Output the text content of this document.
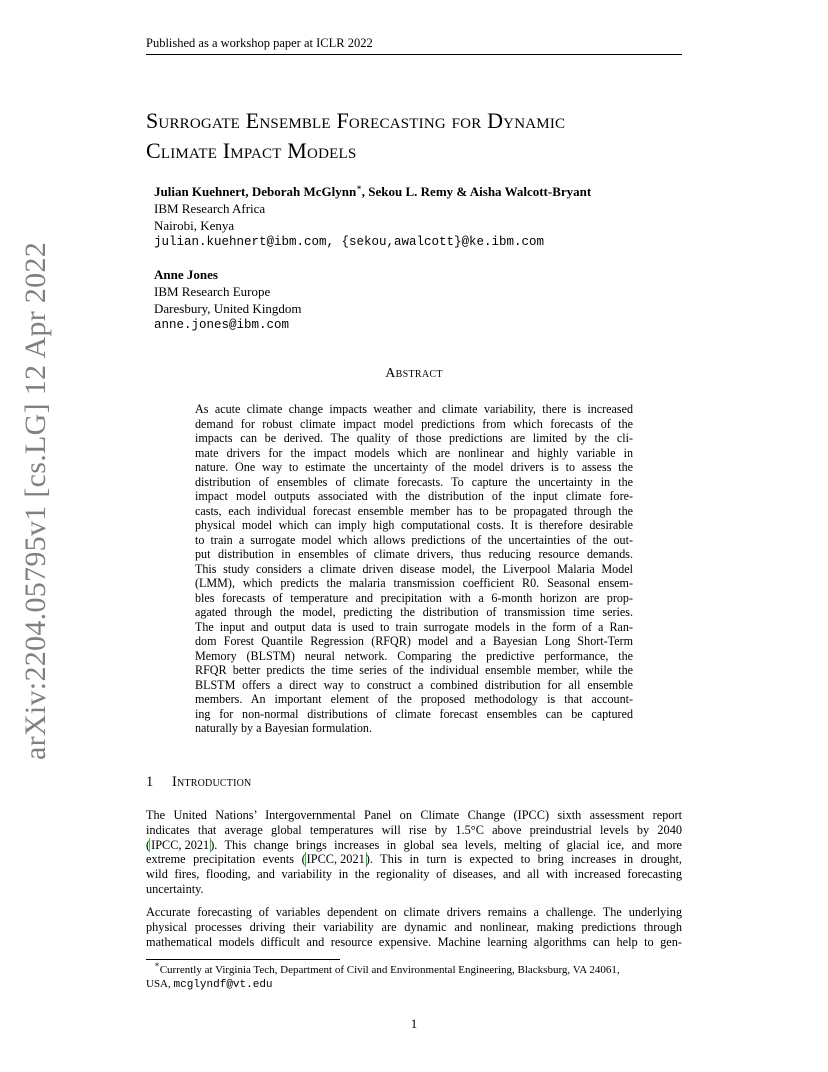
Published as a workshop paper at ICLR 2022
arXiv:2204.05795v1 [cs.LG] 12 Apr 2022
Surrogate Ensemble Forecasting for Dynamic
Climate Impact Models
Julian Kuehnert, Deborah McGlynn∗, Sekou L. Remy & Aisha Walcott-Bryant
IBM Research Africa
Nairobi, Kenya
julian.kuehnert@ibm.com, {sekou,awalcott}@ke.ibm.com
Anne Jones
IBM Research Europe
Daresbury, United Kingdom
anne.jones@ibm.com
Abstract
As acute climate change impacts weather and climate variability, there is increased
demand for robust climate impact model predictions from which forecasts of the
impacts can be derived. The quality of those predictions are limited by the cli-
mate drivers for the impact models which are nonlinear and highly variable in
nature. One way to estimate the uncertainty of the model drivers is to assess the
distribution of ensembles of climate forecasts. To capture the uncertainty in the
impact model outputs associated with the distribution of the input climate fore-
casts, each individual forecast ensemble member has to be propagated through the
physical model which can imply high computational costs. It is therefore desirable
to train a surrogate model which allows predictions of the uncertainties of the out-
put distribution in ensembles of climate drivers, thus reducing resource demands.
This study considers a climate driven disease model, the Liverpool Malaria Model
(LMM), which predicts the malaria transmission coefficient R0. Seasonal ensem-
bles forecasts of temperature and precipitation with a 6-month horizon are prop-
agated through the model, predicting the distribution of transmission time series.
The input and output data is used to train surrogate models in the form of a Ran-
dom Forest Quantile Regression (RFQR) model and a Bayesian Long Short-Term
Memory (BLSTM) neural network. Comparing the predictive performance, the
RFQR better predicts the time series of the individual ensemble member, while the
BLSTM offers a direct way to construct a combined distribution for all ensemble
members. An important element of the proposed methodology is that account-
ing for non-normal distributions of climate forecast ensembles can be captured
naturally by a Bayesian formulation.
1 Introduction
The United Nations’ Intergovernmental Panel on Climate Change (IPCC) sixth assessment report
indicates that average global temperatures will rise by 1.5°C above preindustrial levels by 2040
(IPCC, 2021). This change brings increases in global sea levels, melting of glacial ice, and more
extreme precipitation events (IPCC, 2021). This in turn is expected to bring increases in drought,
wild fires, flooding, and variability in the regionality of diseases, and all with increased forecasting
uncertainty.
Accurate forecasting of variables dependent on climate drivers remains a challenge. The underlying
physical processes driving their variability are dynamic and nonlinear, making predictions through
mathematical models difficult and resource expensive. Machine learning algorithms can help to gen-
∗Currently at Virginia Tech, Department of Civil and Environmental Engineering, Blacksburg, VA 24061,
USA, mcglyndf@vt.edu
1
